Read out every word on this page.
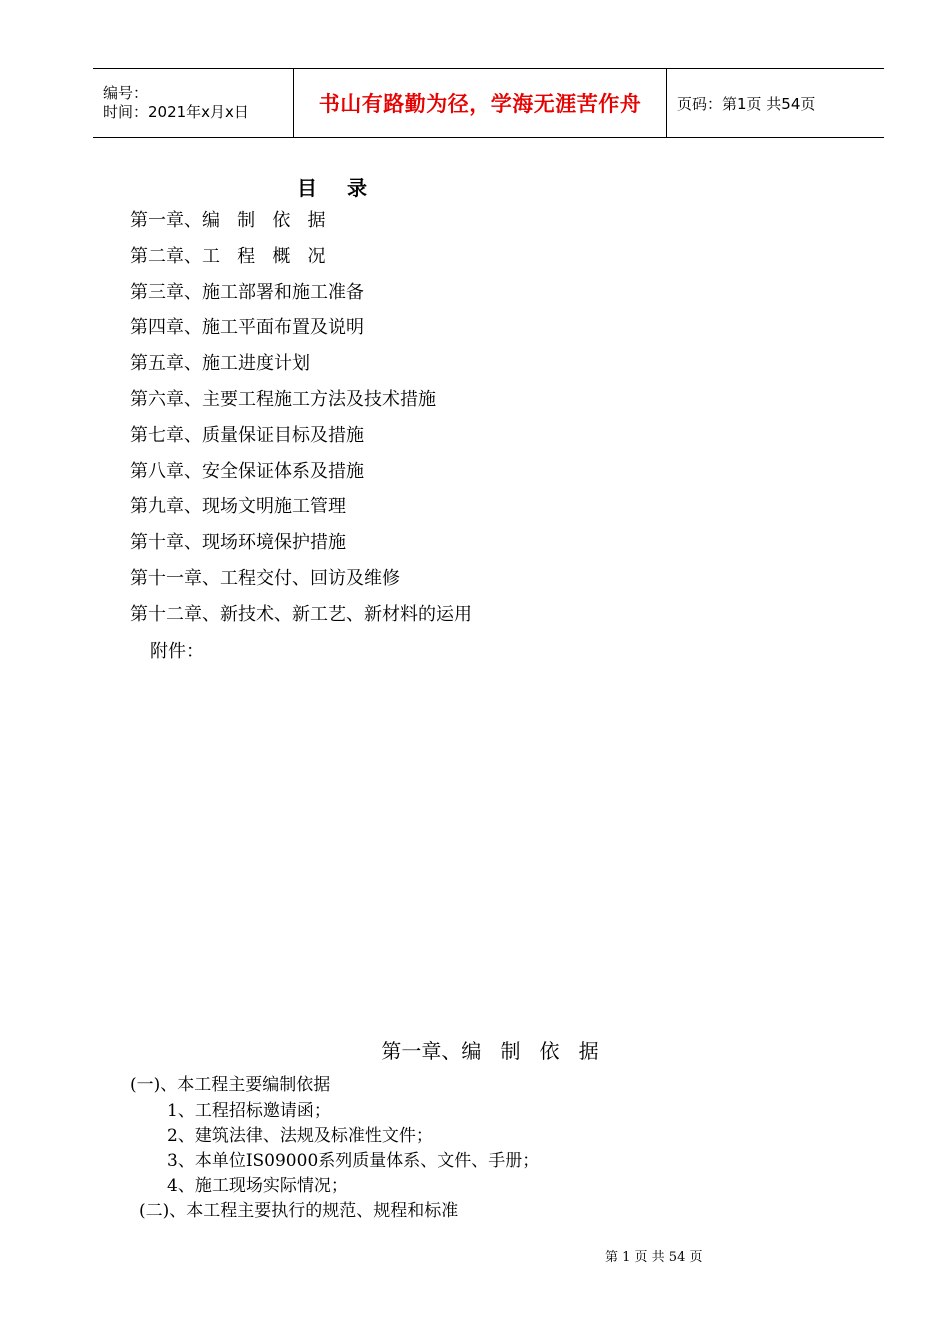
编号：
时间：2021年x月x日	书山有路勤为径，学海无涯苦作舟 页码：第1页 共54页
目录
第一章、编   制   依   据
第二章、工   程   概   况
第三章、施工部署和施工准备
第四章、施工平面布置及说明
第五章、施工进度计划
第六章、主要工程施工方法及技术措施
第七章、质量保证目标及措施
第八章、安全保证体系及措施
第九章、现场文明施工管理
第十章、现场环境保护措施
第十一章、工程交付、回访及维修
第十二章、新技术、新工艺、新材料的运用
附件：
第一章、编   制   依   据
(一)、本工程主要编制依据
1、工程招标邀请函；
2、建筑法律、法规及标准性文件；
3、本单位IS09000系列质量体系、文件、手册；
4、施工现场实际情况；
(二)、本工程主要执行的规范、规程和标准
第 1 页 共 54 页
